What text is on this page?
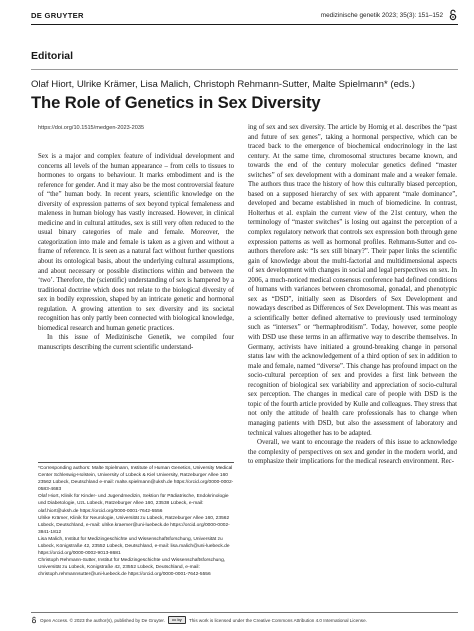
DE GRUYTER	medizinische genetik 2023; 35(3): 151–152
Editorial
Olaf Hiort, Ulrike Krämer, Lisa Malich, Christoph Rehmann-Sutter, Malte Spielmann* (eds.)
The Role of Genetics in Sex Diversity
https://doi.org/10.1515/medgen-2023-2035

Sex is a major and complex feature of individual development and concerns all levels of the human appearance – from cells to tissues to hormones to organs to behaviour. It marks embodiment and is the reference for gender. And it may also be the most controversial feature of “the” human body. In recent years, scientific knowledge on the diversity of expression patterns of sex beyond typical femaleness and maleness in human biology has vastly increased. However, in clinical medicine and in cultural attitudes, sex is still very often reduced to the usual binary categories of male and female. Moreover, the categorization into male and female is taken as a given and without a frame of reference. It is seen as a natural fact without further questions about its ontological basis, about the underlying cultural assumptions, and about necessary or possible distinctions within and between the ‘two’. Therefore, the (scientific) understanding of sex is hampered by a traditional doctrine which does not relate to the biological diversity of sex in bodily expression, shaped by an intricate genetic and hormonal regulation. A growing attention to sex diversity and its societal recognition has only partly been connected with biological knowledge, biomedical research and human genetic practices.

In this issue of Medizinische Genetik, we compiled four manuscripts describing the current scientific understand-

ing of sex and sex diversity. The article by Hornig et al. describes the “past and future of sex genes”, taking a hormonal perspective, which can be traced back to the emergence of biochemical endocrinology in the last century. At the same time, chromosomal structures became known, and towards the end of the century molecular genetics defined “master switches” of sex development with a dominant male and a weaker female. The authors thus trace the history of how this culturally biased perception, based on a supposed hierarchy of sex with apparent “male dominance”, developed and became established in much of biomedicine. In contrast, Holterhus et al. explain the current view of the 21st century, when the terminology of “master switches” is losing out against the perception of a complex regulatory network that controls sex expression both through gene expression patterns as well as hormonal profiles. Rehmann-Sutter and co-authors therefore ask: “Is sex still binary?”. Their paper links the scientific gain of knowledge about the multi-factorial and multidimensional aspects of sex development with changes in social and legal perspectives on sex. In 2006, a much-noticed medical consensus conference had defined conditions of humans with variances between chromosomal, gonadal, and phenotypic sex as “DSD”, initially seen as Disorders of Sex Development and nowadays described as Differences of Sex Development. This was meant as a scientifically better defined alternative to previously used terminology such as “intersex” or “hermaphroditism”. Today, however, some people with DSD use these terms in an affirmative way to describe themselves. In Germany, activists have initiated a ground-breaking change in personal status law with the acknowledgement of a third option of sex in addition to male and female, named “diverse”. This change has profound impact on the socio-cultural perception of sex and provides a first link between the recognition of biological sex variability and appreciation of socio-cultural sex perception. The changes in medical care of people with DSD is the topic of the fourth article provided by Kulle and colleagues. They stress that not only the attitude of health care professionals has to change when managing patients with DSD, but also the assessment of laboratory and technical values altogether has to be adapted.

Overall, we want to encourage the readers of this issue to acknowledge the complexity of perspectives on sex and gender in the modern world, and to emphasize their implications for the medical research environment. Rec-

*Corresponding authors: Malte Spielmann, Institute of Human Genetics, University Medical Center Schleswig-Holstein, University of Lübeck & Kiel University, Ratzeburger Allee 160 23562 Lübeck, Deutschland e-mail: malte.spielmann@uksh.de https://orcid.org/0000-0002-0583-4683

Olaf Hiort, Klinik für Kinder- und Jugendmedizin, Sektion für Pädiatrische, Endokrinologie und Diabetologie, UzL Lübeck, Ratzeburger Allee 160, 23538 Lübeck, e-mail: olaf.hiort@uksh.de https://orcid.org/0000-0001-7642-5556

Ulrike Krämer, Klinik für Neurologie, Universität zu Lübeck, Ratzeburger Allee 160, 23562 Lübeck, Deutschland, e-mail: ulrike.kraemer@uni-luebeck.de https://orcid.org/0000-0002-3841-1812

Lisa Malich, Institut für Medizingeschichte und Wissenschaftsforschung, Universität zu Lübeck, Königstraße 42, 23552 Lübeck, Deutschland, e-mail: lisa.malich@uni-luebeck.de https://orcid.org/0000-0002-9013-8681

Christoph Rehmann-Sutter, Institut für Medizingeschichte und Wissenschaftsforschung, Universität zu Lübeck, Königstraße 42, 23552 Lübeck, Deutschland, e-mail: christoph.rehmannsutter@uni-luebeck.de https://orcid.org/0000-0001-7642-5556

Open Access. © 2023 the author(s), published by De Gruyter.	cc by	This work is licensed under the Creative Commons Attribution 4.0 International License.
